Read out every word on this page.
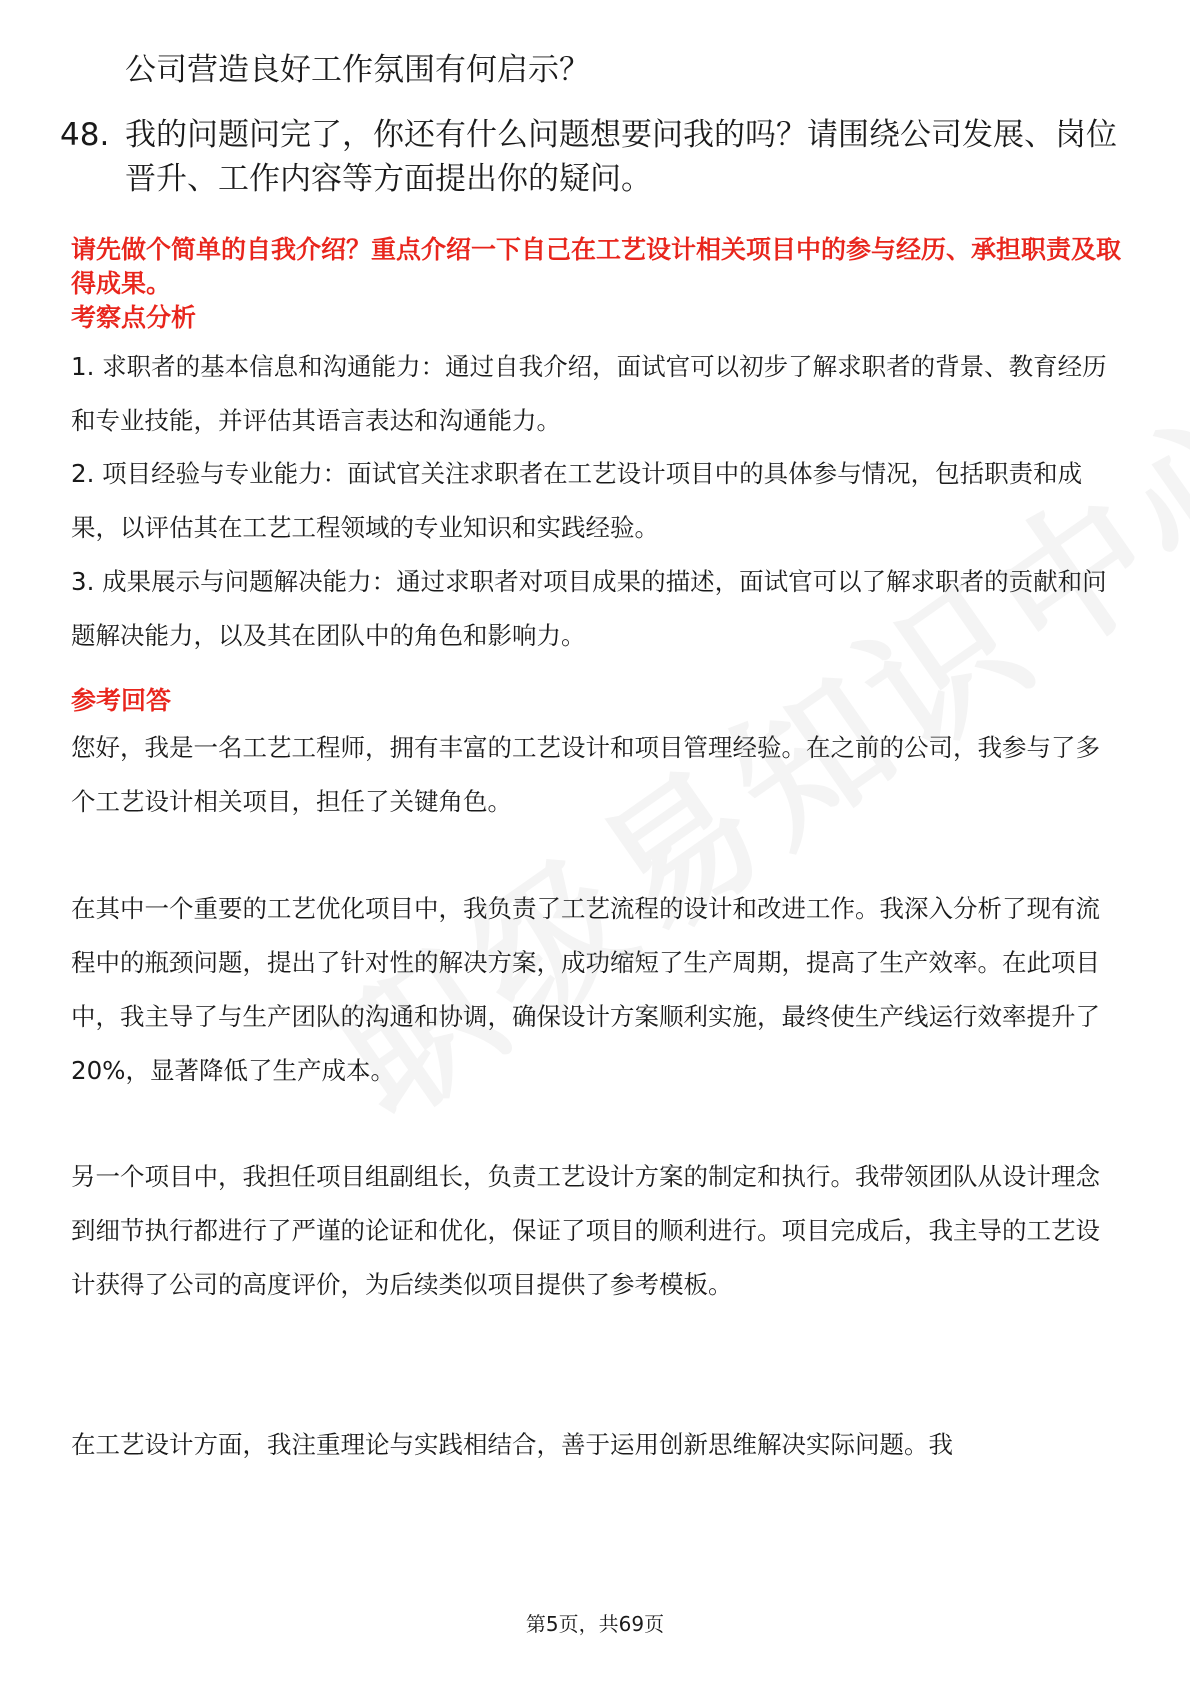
公司营造良好工作氛围有何启示？
48. 我的问题问完了，你还有什么问题想要问我的吗？请围绕公司发展、岗位晋升、工作内容等方面提出你的疑问。
请先做个简单的自我介绍？重点介绍一下自己在工艺设计相关项目中的参与经历、承担职责及取得成果。
考察点分析
1. 求职者的基本信息和沟通能力：通过自我介绍，面试官可以初步了解求职者的背景、教育经历和专业技能，并评估其语言表达和沟通能力。
2. 项目经验与专业能力：面试官关注求职者在工艺设计项目中的具体参与情况，包括职责和成果，以评估其在工艺工程领域的专业知识和实践经验。
3. 成果展示与问题解决能力：通过求职者对项目成果的描述，面试官可以了解求职者的贡献和问题解决能力，以及其在团队中的角色和影响力。
参考回答
您好，我是一名工艺工程师，拥有丰富的工艺设计和项目管理经验。在之前的公司，我参与了多个工艺设计相关项目，担任了关键角色。
在其中一个重要的工艺优化项目中，我负责了工艺流程的设计和改进工作。我深入分析了现有流程中的瓶颈问题，提出了针对性的解决方案，成功缩短了生产周期，提高了生产效率。在此项目中，我主导了与生产团队的沟通和协调，确保设计方案顺利实施，最终使生产线运行效率提升了20%，显著降低了生产成本。
另一个项目中，我担任项目组副组长，负责工艺设计方案的制定和执行。我带领团队从设计理念到细节执行都进行了严谨的论证和优化，保证了项目的顺利进行。项目完成后，我主导的工艺设计获得了公司的高度评价，为后续类似项目提供了参考模板。
在工艺设计方面，我注重理论与实践相结合，善于运用创新思维解决实际问题。我
第5页，共69页
